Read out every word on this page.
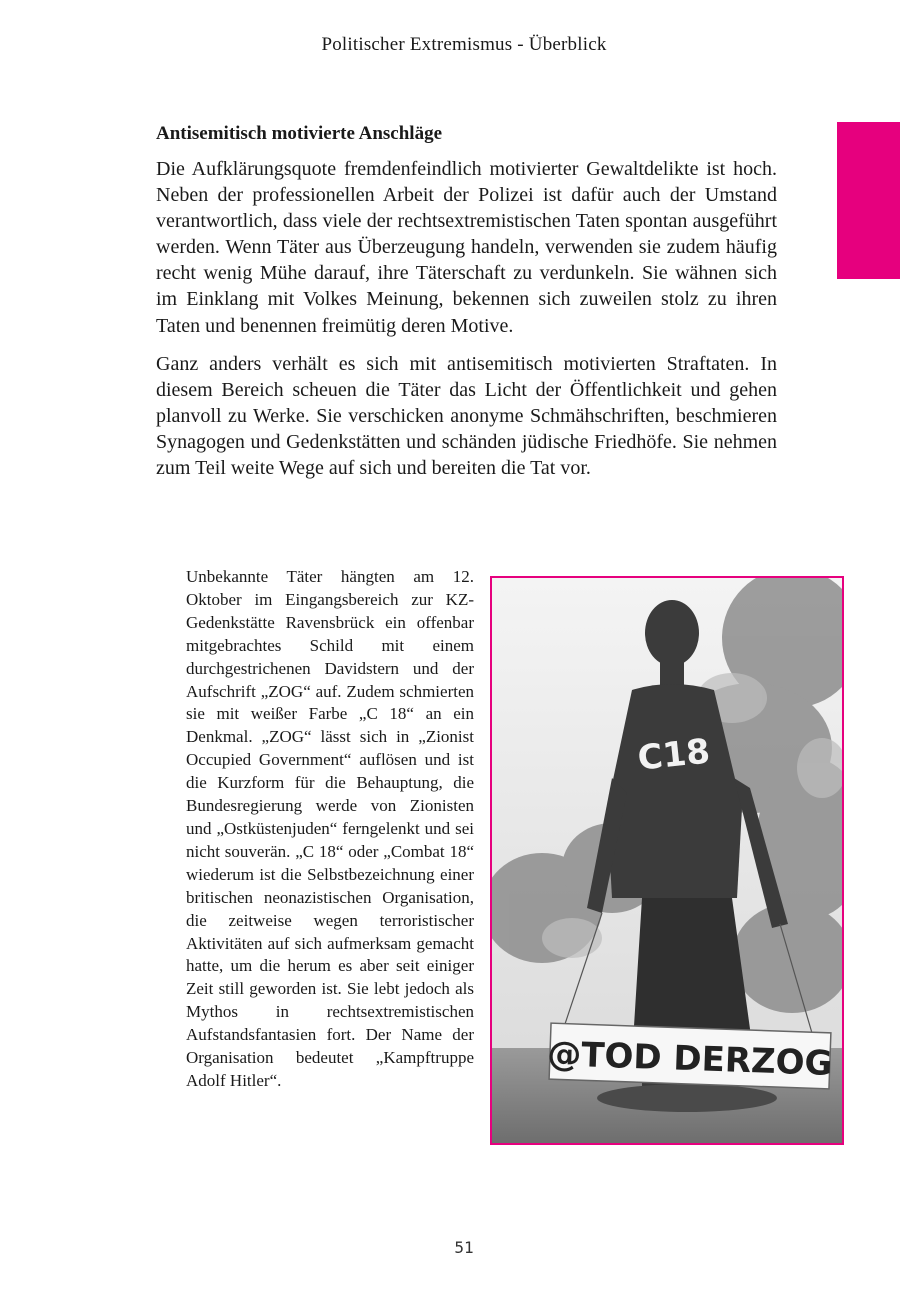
Politischer Extremismus - Überblick
Antisemitisch motivierte Anschläge

Die Aufklärungsquote fremdenfeindlich motivierter Gewaltdelikte ist hoch. Neben der professionellen Arbeit der Polizei ist dafür auch der Umstand verantwortlich, dass viele der rechtsextremistischen Taten spontan ausgeführt werden. Wenn Täter aus Überzeugung handeln, verwenden sie zudem häufig recht wenig Mühe darauf, ihre Täterschaft zu verdunkeln. Sie wähnen sich im Einklang mit Volkes Meinung, bekennen sich zuweilen stolz zu ihren Taten und benennen freimütig deren Motive.

Ganz anders verhält es sich mit antisemitisch motivierten Straftaten. In diesem Bereich scheuen die Täter das Licht der Öffentlichkeit und gehen planvoll zu Werke. Sie verschicken anonyme Schmähschriften, beschmieren Synagogen und Gedenkstätten und schänden jüdische Friedhöfe. Sie nehmen zum Teil weite Wege auf sich und bereiten die Tat vor.

Unbekannte Täter hängten am 12. Oktober im Eingangsbereich zur KZ-Gedenkstätte Ravensbrück ein offenbar mitgebrachtes Schild mit einem durchgestrichenen Davidstern und der Aufschrift „ZOG“ auf. Zudem schmierten sie mit weißer Farbe „C 18“ an ein Denkmal. „ZOG“ lässt sich in „Zionist Occupied Government“ auflösen und ist die Kurzform für die Behauptung, die Bundesregierung werde von Zionisten und „Ostküstenjuden“ ferngelenkt und sei nicht souverän. „C 18“ oder „Combat 18“ wiederum ist die Selbstbezeichnung einer britischen neonazistischen Organisation, die zeitweise wegen terroristischer Aktivitäten auf sich aufmerksam gemacht hatte, um die herum es aber seit einiger Zeit still geworden ist. Sie lebt jedoch als Mythos in rechtsextremistischen Aufstandsfantasien fort. Der Name der Organisation bedeutet „Kampftruppe Adolf Hitler“.
C18
@TOD DERZOG
51
